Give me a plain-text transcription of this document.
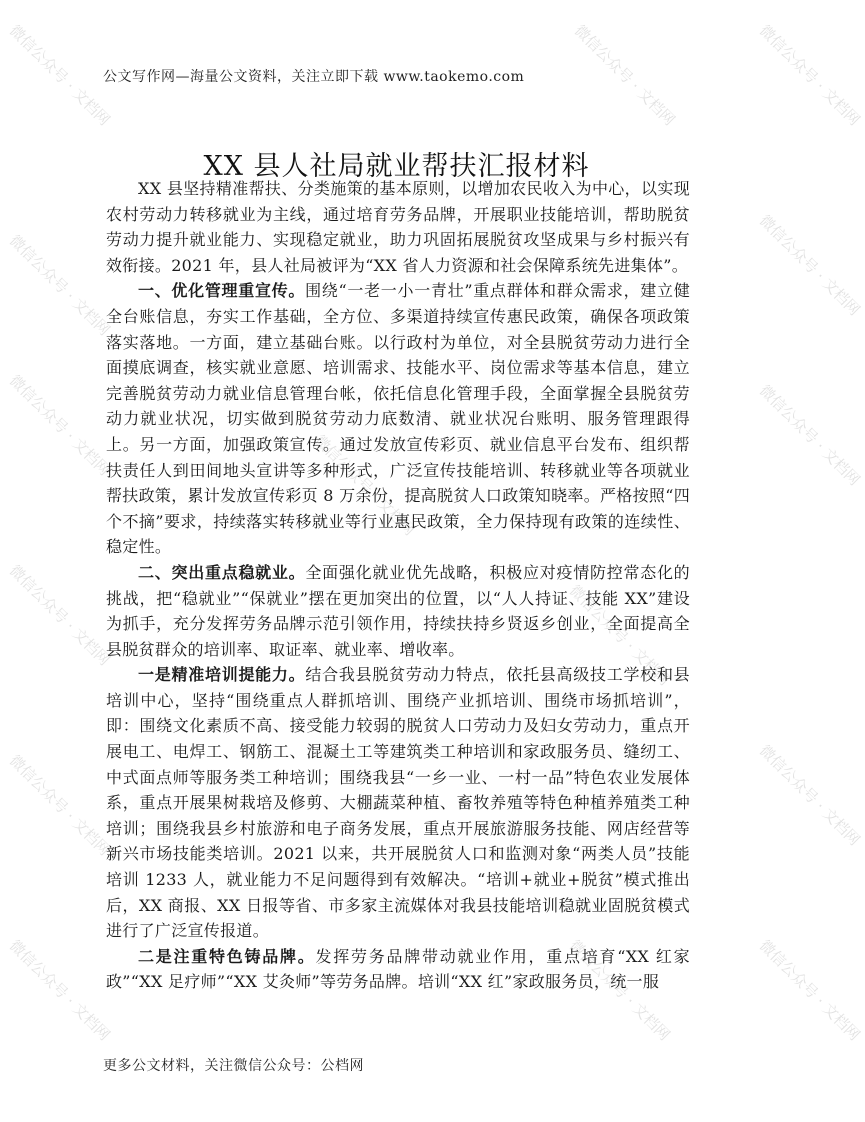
微信公众号 · 文档网	微信公众号 · 文档网	微信公众号 · 文档网
微信公众号 · 文档网	微信公众号 · 文档网
微信公众号 · 文档网
微信公众号 · 文档网	微信公众号 · 文档网
微信公众号 · 文档网	微信公众号 · 文档网
微信公众号 · 文档网	微信公众号 · 文档网
微信公众号 · 文档网	微信公众号 · 文档网	微信公众号 · 文档网
公文写作网—海量公文资料，关注立即下载 www.taokemo.com
XX 县人社局就业帮扶汇报材料

XX 县坚持精准帮扶、分类施策的基本原则，以增加农民收入为中心，以实现农村劳动力转移就业为主线，通过培育劳务品牌，开展职业技能培训，帮助脱贫劳动力提升就业能力、实现稳定就业，助力巩固拓展脱贫攻坚成果与乡村振兴有效衔接。2021 年，县人社局被评为“XX 省人力资源和社会保障系统先进集体”。

一、优化管理重宣传。围绕“一老一小一青壮”重点群体和群众需求，建立健全台账信息，夯实工作基础，全方位、多渠道持续宣传惠民政策，确保各项政策落实落地。一方面，建立基础台账。以行政村为单位，对全县脱贫劳动力进行全面摸底调查，核实就业意愿、培训需求、技能水平、岗位需求等基本信息，建立完善脱贫劳动力就业信息管理台帐，依托信息化管理手段，全面掌握全县脱贫劳动力就业状况，切实做到脱贫劳动力底数清、就业状况台账明、服务管理跟得上。另一方面，加强政策宣传。通过发放宣传彩页、就业信息平台发布、组织帮扶责任人到田间地头宣讲等多种形式，广泛宣传技能培训、转移就业等各项就业帮扶政策，累计发放宣传彩页 8 万余份，提高脱贫人口政策知晓率。严格按照“四个不摘”要求，持续落实转移就业等行业惠民政策，全力保持现有政策的连续性、稳定性。

二、突出重点稳就业。全面强化就业优先战略，积极应对疫情防控常态化的挑战，把“稳就业”“保就业”摆在更加突出的位置，以“人人持证、技能 XX”建设为抓手，充分发挥劳务品牌示范引领作用，持续扶持乡贤返乡创业，全面提高全县脱贫群众的培训率、取证率、就业率、增收率。

一是精准培训提能力。结合我县脱贫劳动力特点，依托县高级技工学校和县培训中心，坚持“围绕重点人群抓培训、围绕产业抓培训、围绕市场抓培训”，即：围绕文化素质不高、接受能力较弱的脱贫人口劳动力及妇女劳动力，重点开展电工、电焊工、钢筋工、混凝土工等建筑类工种培训和家政服务员、缝纫工、中式面点师等服务类工种培训；围绕我县“一乡一业、一村一品”特色农业发展体系，重点开展果树栽培及修剪、大棚蔬菜种植、畜牧养殖等特色种植养殖类工种培训；围绕我县乡村旅游和电子商务发展，重点开展旅游服务技能、网店经营等新兴市场技能类培训。2021 以来，共开展脱贫人口和监测对象“两类人员”技能培训 1233 人，就业能力不足问题得到有效解决。“培训+就业+脱贫”模式推出后，XX 商报、XX 日报等省、市多家主流媒体对我县技能培训稳就业固脱贫模式进行了广泛宣传报道。

二是注重特色铸品牌。发挥劳务品牌带动就业作用，重点培育“XX 红家政”“XX 足疗师”“XX 艾灸师”等劳务品牌。培训“XX 红”家政服务员，统一服

更多公文材料，关注微信公众号：公档网
